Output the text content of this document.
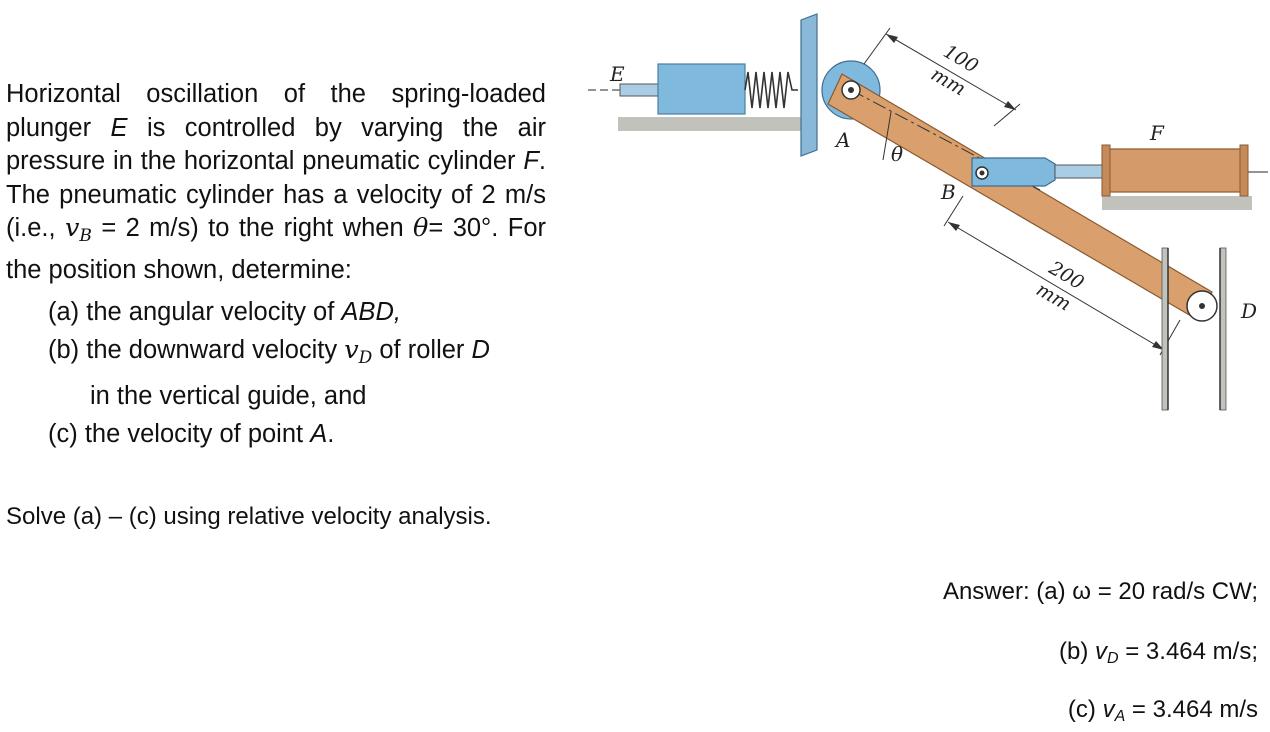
Horizontal oscillation of the spring-loaded plunger E is controlled by varying the air pressure in the horizontal pneumatic cylinder F. The pneumatic cylinder has a velocity of 2 m/s (i.e., $v_B = 2$ m/s) to the right when θ= 30°. For the position shown, determine:

(a) the angular velocity of ABD,
(b) the downward velocity $v_D$ of roller D
in the vertical guide, and
(c) the velocity of point A.
Solve (a) – (c) using relative velocity analysis.
100
mm
200
mm
E
A
θ
B
F
D
Answer: (a) ω = 20 rad/s CW;
(b) vD = 3.464 m/s;
(c) vA = 3.464 m/s
